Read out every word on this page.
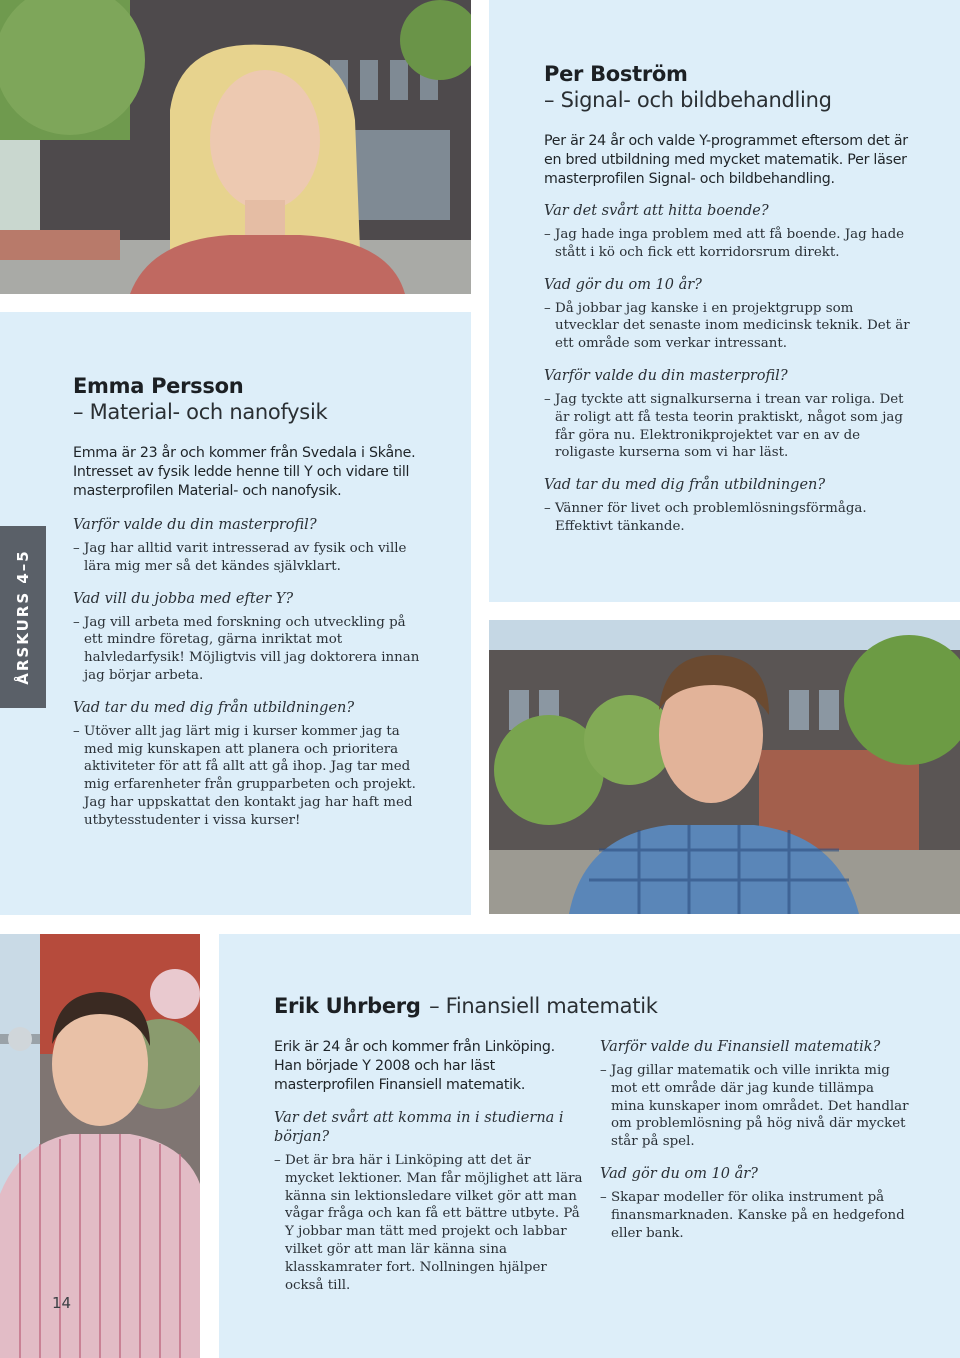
ÅRSKURS 4–5
Per Boström
– Signal- och bildbehandling

Per är 24 år och valde Y-programmet eftersom det är en bred utbildning med mycket matematik. Per läser masterprofilen Signal- och bildbehandling.

Var det svårt att hitta boende?

– Jag hade inga problem med att få boende. Jag hade stått i kö och fick ett korridorsrum direkt.

Vad gör du om 10 år?

– Då jobbar jag kanske i en projektgrupp som utvecklar det senaste inom medicinsk teknik. Det är ett område som verkar intressant.

Varför valde du din masterprofil?

– Jag tyckte att signalkurserna i trean var roliga. Det är roligt att få testa teorin praktiskt, något som jag får göra nu. Elektronikprojektet var en av de roligaste kurserna som vi har läst.

Vad tar du med dig från utbildningen?

– Vänner för livet och problemlösningsförmåga. Effektivt tänkande.

Emma Persson
– Material- och nanofysik

Emma är 23 år och kommer från Svedala i Skåne. Intresset av fysik ledde henne till Y och vidare till masterprofilen Material- och nanofysik.

Varför valde du din masterprofil?

– Jag har alltid varit intresserad av fysik och ville lära mig mer så det kändes självklart.

Vad vill du jobba med efter Y?

– Jag vill arbeta med forskning och utveckling på ett mindre företag, gärna inriktat mot halvledarfysik! Möjligtvis vill jag doktorera innan jag börjar arbeta.

Vad tar du med dig från utbildningen?

– Utöver allt jag lärt mig i kurser kommer jag ta med mig kunskapen att planera och prioritera aktiviteter för att få allt att gå ihop. Jag tar med mig erfarenheter från grupparbeten och projekt. Jag har uppskattat den kontakt jag har haft med utbytesstudenter i vissa kurser!

Erik Uhrberg – Finansiell matematik

Erik är 24 år och kommer från Linköping. Han började Y 2008 och har läst masterprofilen Finansiell matematik.

Var det svårt att komma in i studierna i början?

– Det är bra här i Linköping att det är mycket lektioner. Man får möjlighet att lära känna sin lektionsledare vilket gör att man vågar fråga och kan få ett bättre utbyte. På Y jobbar man tätt med projekt och labbar vilket gör att man lär känna sina klasskamrater fort. Nollningen hjälper också till.

Varför valde du Finansiell matematik?

– Jag gillar matematik och ville inrikta mig mot ett område där jag kunde tillämpa mina kunskaper inom området. Det handlar om problemlösning på hög nivå där mycket står på spel.

Vad gör du om 10 år?

– Skapar modeller för olika instrument på finansmarknaden. Kanske på en hedgefond eller bank.

14
